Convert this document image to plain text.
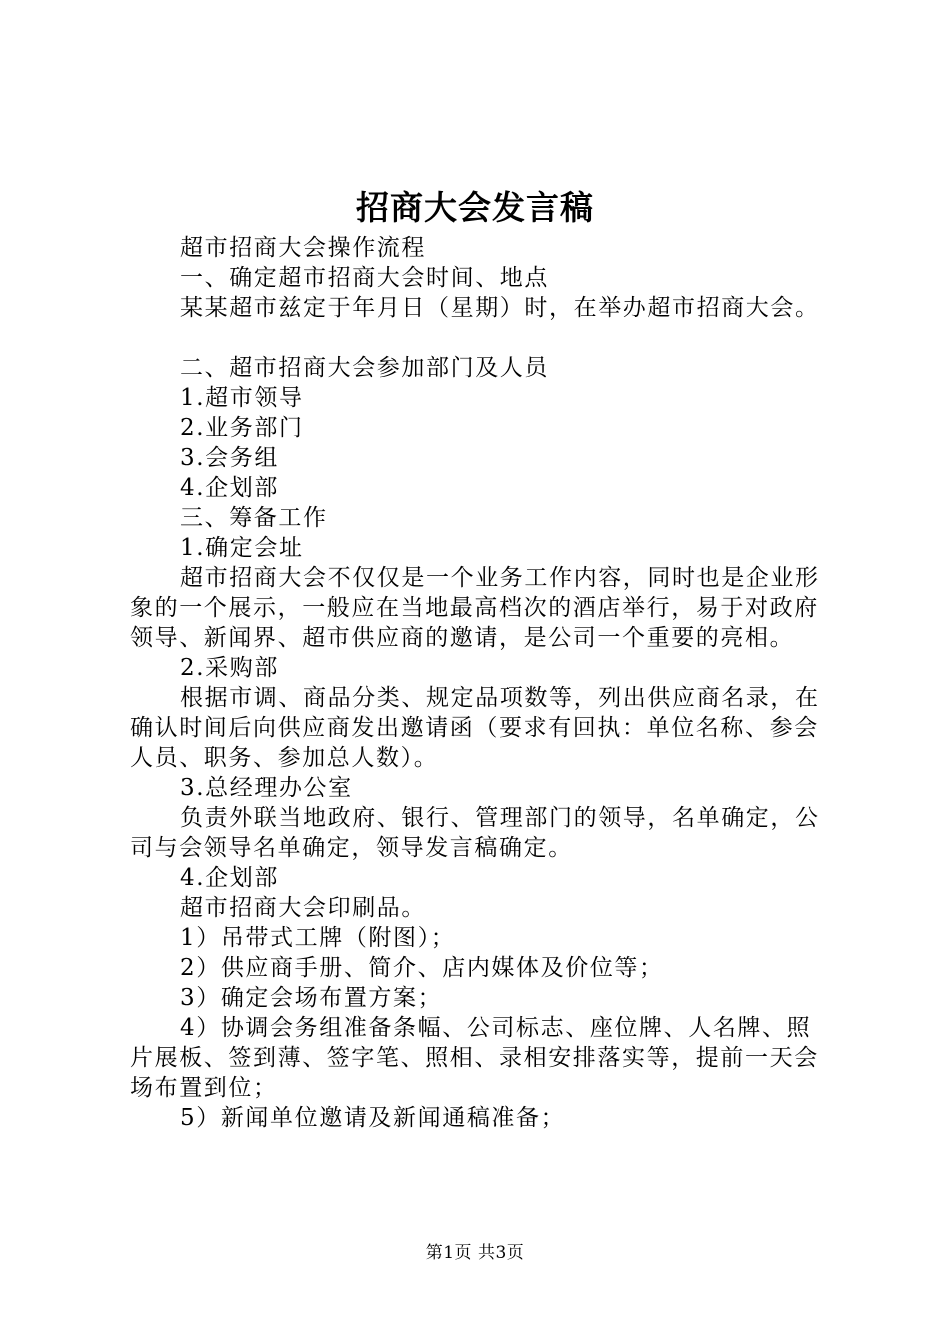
招商大会发言稿

超市招商大会操作流程

一、确定超市招商大会时间、地点

某某超市兹定于年月日（星期）时，在举办超市招商大会。

二、超市招商大会参加部门及人员

1.超市领导

2.业务部门

3.会务组

4.企划部

三、筹备工作

1.确定会址

超市招商大会不仅仅是一个业务工作内容，同时也是企业形象的一个展示，一般应在当地最高档次的酒店举行，易于对政府领导、新闻界、超市供应商的邀请，是公司一个重要的亮相。

2.采购部

根据市调、商品分类、规定品项数等，列出供应商名录，在确认时间后向供应商发出邀请函（要求有回执：单位名称、参会人员、职务、参加总人数）。

3.总经理办公室

负责外联当地政府、银行、管理部门的领导，名单确定，公司与会领导名单确定，领导发言稿确定。

4.企划部

超市招商大会印刷品。

1）吊带式工牌（附图）；

2）供应商手册、简介、店内媒体及价位等；

3）确定会场布置方案；

4）协调会务组准备条幅、公司标志、座位牌、人名牌、照片展板、签到薄、签字笔、照相、录相安排落实等，提前一天会场布置到位；

5）新闻单位邀请及新闻通稿准备；

第1页 共3页
